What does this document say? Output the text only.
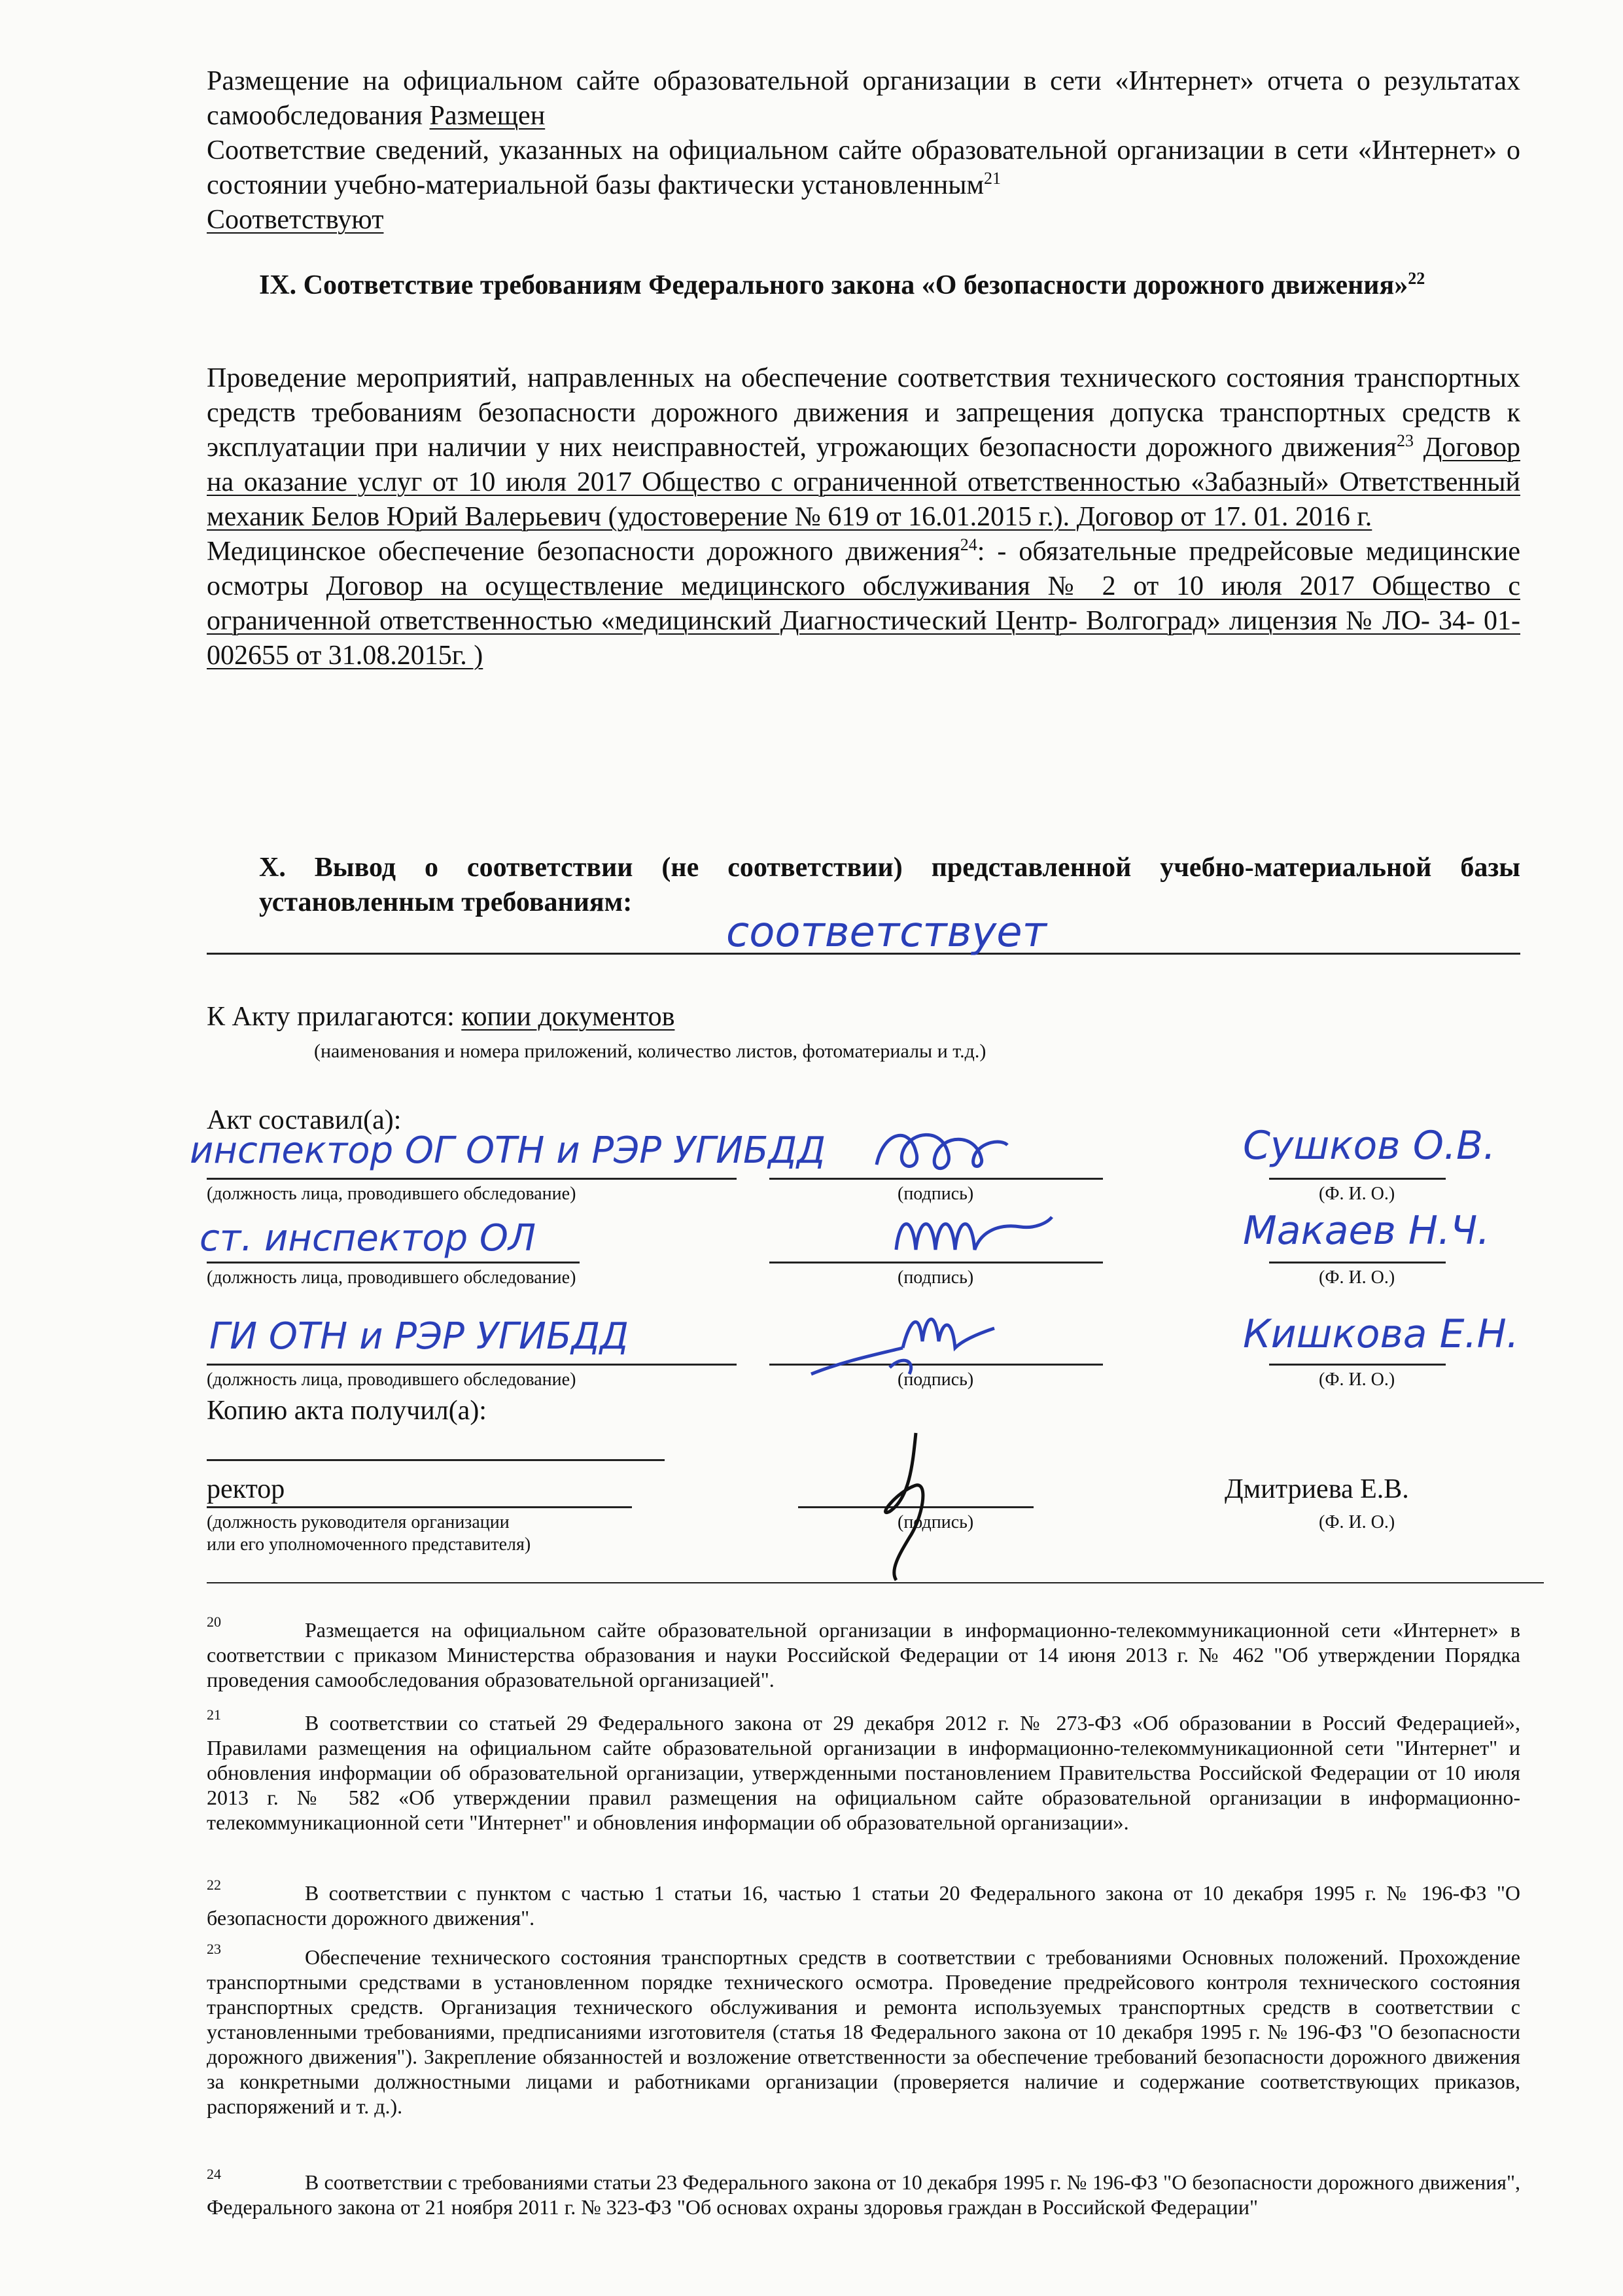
Размещение на официальном сайте образовательной организации в сети «Интернет» отчета о результатах самообследования Размещен
Соответствие сведений, указанных на официальном сайте образовательной организации в сети «Интернет» о состоянии учебно-материальной базы фактически установленным$^{21}$
Соответствуют
IX. Соответствие требованиям Федерального закона «О безопасности дорожного движения»$^{22}$
Проведение мероприятий, направленных на обеспечение соответствия технического состояния транспортных средств требованиям безопасности дорожного движения и запрещения допуска транспортных средств к эксплуатации при наличии у них неисправностей, угрожающих безопасности дорожного движения$^{23}$ Договор на оказание услуг от 10 июля 2017 Общество с ограниченной ответственностью «Забазный» Ответственный механик Белов Юрий Валерьевич (удостоверение № 619 от 16.01.2015 г.). Договор от 17. 01. 2016 г.
Медицинское обеспечение безопасности дорожного движения$^{24}$: - обязательные предрейсовые медицинские осмотры Договор на осуществление медицинского обслуживания № 2 от 10 июля 2017 Общество с ограниченной ответственностью «медицинский Диагностический Центр- Волгоград» лицензия № ЛО- 34- 01- 002655 от 31.08.2015г. )
X. Вывод о соответствии (не соответствии) представленной учебно-материальной базы установленным требованиям:
соответствует
К Акту прилагаются: копии документов
(наименования и номера приложений, количество листов, фотоматериалы и т.д.)
Акт составил(а):
инспектор ОГ ОТН и РЭР УГИБДД	Сушков О.В.
(должность лица, проводившего обследование)	(подпись)	(Ф. И. О.)
ст. инспектор ОЛ	Макаев Н.Ч.
(должность лица, проводившего обследование)	(подпись)	(Ф. И. О.)
ГИ ОТН и РЭР УГИБДД	Кишкова Е.Н.
(должность лица, проводившего обследование)	(подпись)	(Ф. И. О.)
Копию акта получил(а):
ректор	Дмитриева Е.В.
(должность руководителя организации
или его уполномоченного представителя)
(подпись)	(Ф. И. О.)
20	Размещается на официальном сайте образовательной организации в информационно-телекоммуникационной сети «Интернет» в соответствии с приказом Министерства образования и науки Российской Федерации от 14 июня 2013 г. № 462 "Об утверждении Порядка проведения самообследования образовательной организацией".

21	В соответствии со статьей 29 Федерального закона от 29 декабря 2012 г. № 273-ФЗ «Об образовании в Россий Федерацией», Правилами размещения на официальном сайте образовательной организации в информационно-телекоммуникационной сети "Интернет" и обновления информации об образовательной организации, утвержденными постановлением Правительства Российской Федерации от 10 июля 2013 г. № 582 «Об утверждении правил размещения на официальном сайте образовательной организации в информационно-телекоммуникационной сети "Интернет" и обновления информации об образовательной организации».

22	В соответствии с пунктом с частью 1 статьи 16, частью 1 статьи 20 Федерального закона от 10 декабря 1995 г. № 196-ФЗ "О безопасности дорожного движения".

23	Обеспечение технического состояния транспортных средств в соответствии с требованиями Основных положений. Прохождение транспортными средствами в установленном порядке технического осмотра. Проведение предрейсового контроля технического состояния транспортных средств. Организация технического обслуживания и ремонта используемых транспортных средств в соответствии с установленными требованиями, предписаниями изготовителя (статья 18 Федерального закона от 10 декабря 1995 г. № 196-ФЗ "О безопасности дорожного движения"). Закрепление обязанностей и возложение ответственности за обеспечение требований безопасности дорожного движения за конкретными должностными лицами и работниками организации (проверяется наличие и содержание соответствующих приказов, распоряжений и т. д.).

24	В соответствии с требованиями статьи 23 Федерального закона от 10 декабря 1995 г. № 196-ФЗ "О безопасности дорожного движения", Федерального закона от 21 ноября 2011 г. № 323-ФЗ "Об основах охраны здоровья граждан в Российской Федерации"
